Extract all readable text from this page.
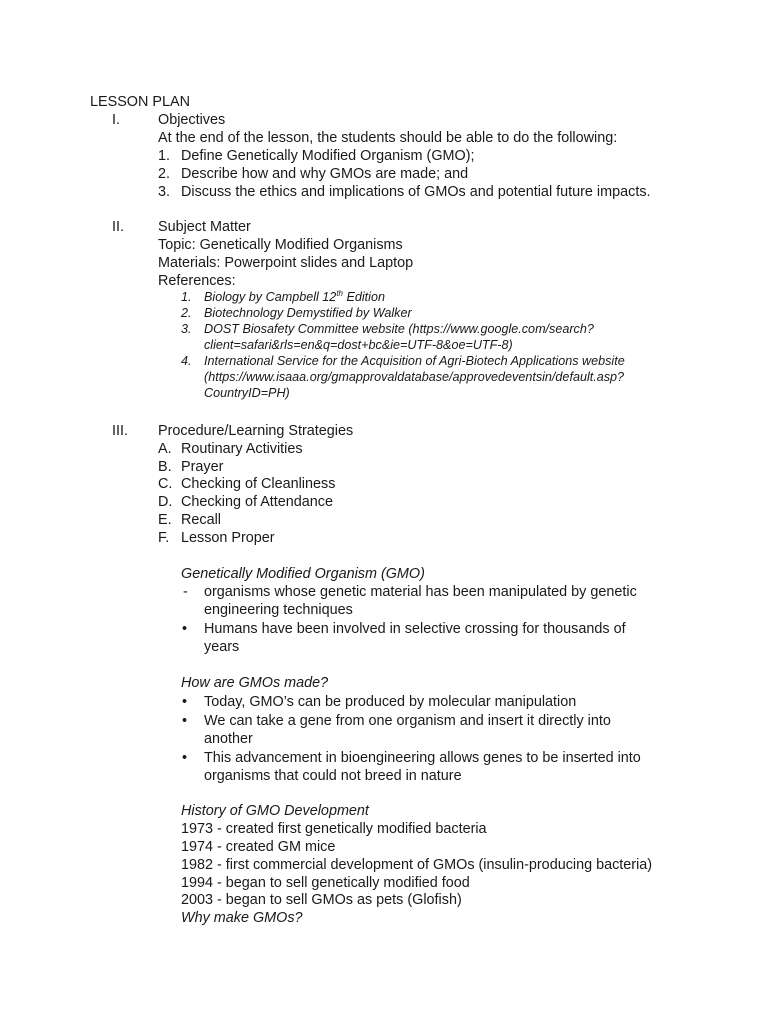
LESSON PLAN
I.	Objectives
At the end of the lesson, the students should be able to do the following:
1. Define Genetically Modified Organism (GMO);
2. Describe how and why GMOs are made; and
3. Discuss the ethics and implications of GMOs and potential future impacts.
II. Subject Matter
Topic: Genetically Modified Organisms
Materials: Powerpoint slides and Laptop
References:
1. Biology by Campbell 12th Edition
2. Biotechnology Demystified by Walker
3. DOST Biosafety Committee website (https://www.google.com/search?
client=safari&rls=en&q=dost+bc&ie=UTF-8&oe=UTF-8)
4. International Service for the Acquisition of Agri-Biotech Applications website
(https://www.isaaa.org/gmapprovaldatabase/approvedeventsin/default.asp?
CountryID=PH)
III. Procedure/Learning Strategies
A. Routinary Activities
B. Prayer
C. Checking of Cleanliness
D. Checking of Attendance
E. Recall
F. Lesson Proper
Genetically Modified Organism (GMO)
- organisms whose genetic material has been manipulated by genetic
engineering techniques
• Humans have been involved in selective crossing for thousands of
years
How are GMOs made?
• Today, GMO’s can be produced by molecular manipulation
• We can take a gene from one organism and insert it directly into
another
• This advancement in bioengineering allows genes to be inserted into
organisms that could not breed in nature
History of GMO Development
1973 - created first genetically modified bacteria
1974 - created GM mice
1982 - first commercial development of GMOs (insulin-producing bacteria)
1994 - began to sell genetically modified food
2003 - began to sell GMOs as pets (Glofish)
Why make GMOs?
